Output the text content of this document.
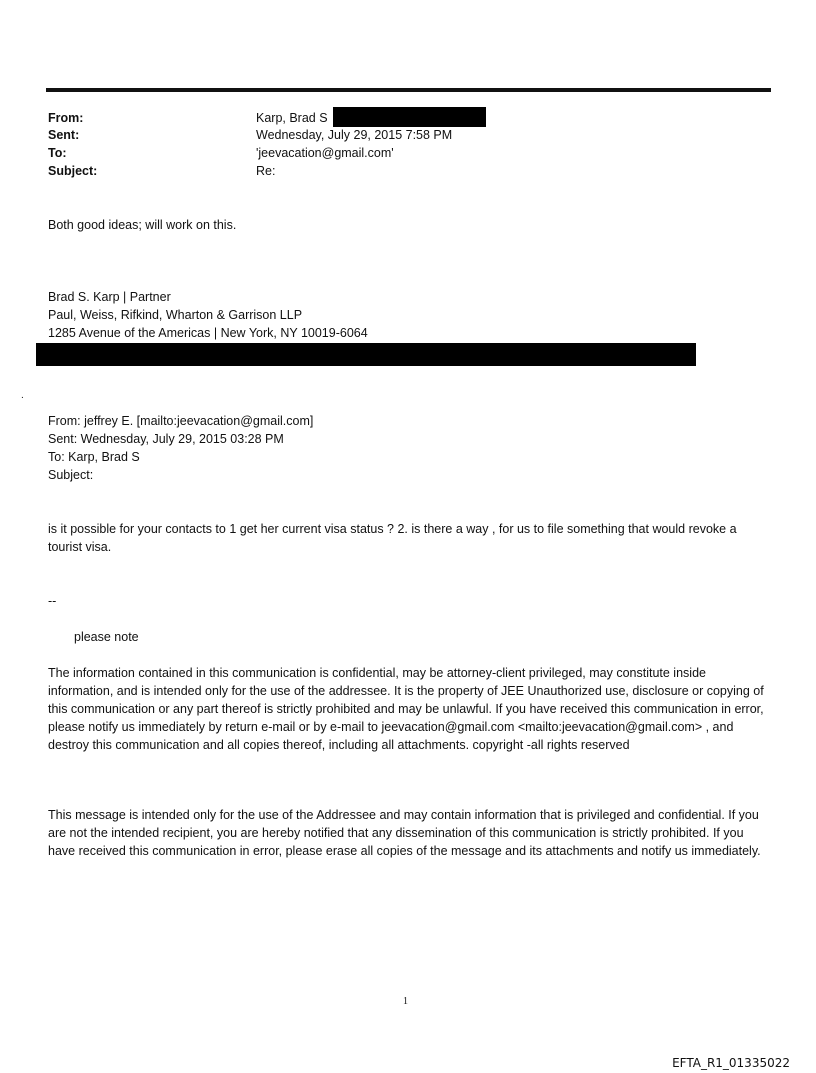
From:	Karp, Brad S
Sent:	Wednesday, July 29, 2015 7:58 PM
To:	'jeevacation@gmail.com'
Subject:	Re:
Both good ideas; will work on this.
Brad S. Karp | Partner
Paul, Weiss, Rifkind, Wharton & Garrison LLP
1285 Avenue of the Americas | New York, NY 10019-6064
.
From: jeffrey E. [mailto:jeevacation@gmail.com]
Sent: Wednesday, July 29, 2015 03:28 PM
To: Karp, Brad S
Subject:
is it possible for your contacts to 1 get her current visa status ? 2. is there a way , for us to file something that would revoke a tourist visa.
--
please note
The information contained in this communication is confidential, may be attorney-client privileged, may constitute inside information, and is intended only for the use of the addressee. It is the property of JEE Unauthorized use, disclosure or copying of this communication or any part thereof is strictly prohibited and may be unlawful. If you have received this communication in error, please notify us immediately by return e-mail or by e-mail to jeevacation@gmail.com <mailto:jeevacation@gmail.com> , and destroy this communication and all copies thereof, including all attachments. copyright -all rights reserved
This message is intended only for the use of the Addressee and may contain information that is privileged and confidential. If you are not the intended recipient, you are hereby notified that any dissemination of this communication is strictly prohibited. If you have received this communication in error, please erase all copies of the message and its attachments and notify us immediately.
1
EFTA_R1_01335022
